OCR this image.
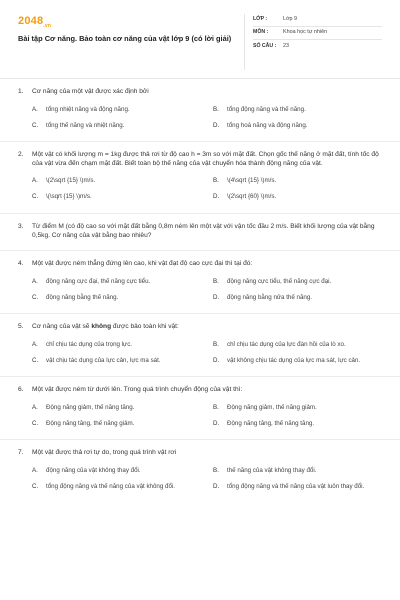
$2048_{.vn}$
Bài tập Cơ năng. Bảo toàn cơ năng của vật lớp 9 (có lời giải)
LỚP :	Lớp 9
MÔN :	Khoa học tự nhiên
SỐ CÂU :	23
1.	Cơ năng của một vật được xác định bởi
A.	tổng nhiệt năng và động năng.	B.	tổng động năng và thế năng.
C.	tổng thế năng và nhiệt năng.	D.	tổng hoá năng và động năng.
2.	Một vật có khối lượng m = 1kg được thả rơi từ độ cao h = 3m so với mặt đất. Chọn gốc thế năng ở mặt đất, tính tốc độ của vật vừa đến chạm mặt đất. Biết toàn bộ thế năng của vật chuyển hóa thành động năng của vật.
A.	\(2\sqrt {15} \)m/s.	B.	\(4\sqrt {15} \)m/s.
C.	\(\sqrt {15} \)m/s.	D.	\(2\sqrt {60} \)m/s.
3.	Từ điểm M (có độ cao so với mặt đất bằng 0,8m ném lên một vật với vận tốc đầu 2 m/s. Biết khối lượng của vật bằng 0,5kg. Cơ năng của vật bằng bao nhiêu?
4.	Một vật được ném thẳng đứng lên cao, khi vật đạt độ cao cực đại thì tại đó:
A.	động năng cực đại, thế năng cực tiểu.	B.	động năng cực tiểu, thế năng cực đại.
C.	động năng bằng thế năng.	D.	động năng bằng nửa thế năng.
5.	Cơ năng của vật sẽ không được bảo toàn khi vật:
A.	chỉ chịu tác dụng của trọng lực.	B.	chỉ chịu tác dụng của lực đàn hồi của lò xo.
C.	vật chịu tác dụng của lực cản, lực ma sát.	D.	vật không chịu tác dụng của lực ma sát, lực cản.
6.	Một vật được ném từ dưới lên. Trong quá trình chuyển động của vật thì:
A.	Động năng giảm, thế năng tăng.	B.	Động năng giảm, thế năng giảm.
C.	Động năng tăng, thế năng giảm.	D.	Động năng tăng, thế năng tăng.
7.	Một vật được thả rơi tự do, trong quá trình vật rơi
A.	động năng của vật không thay đổi.	B.	thế năng của vật không thay đổi.
C.	tổng động năng và thế năng của vật không đổi.	D.	tổng động năng và thế năng của vật luôn thay đổi.
